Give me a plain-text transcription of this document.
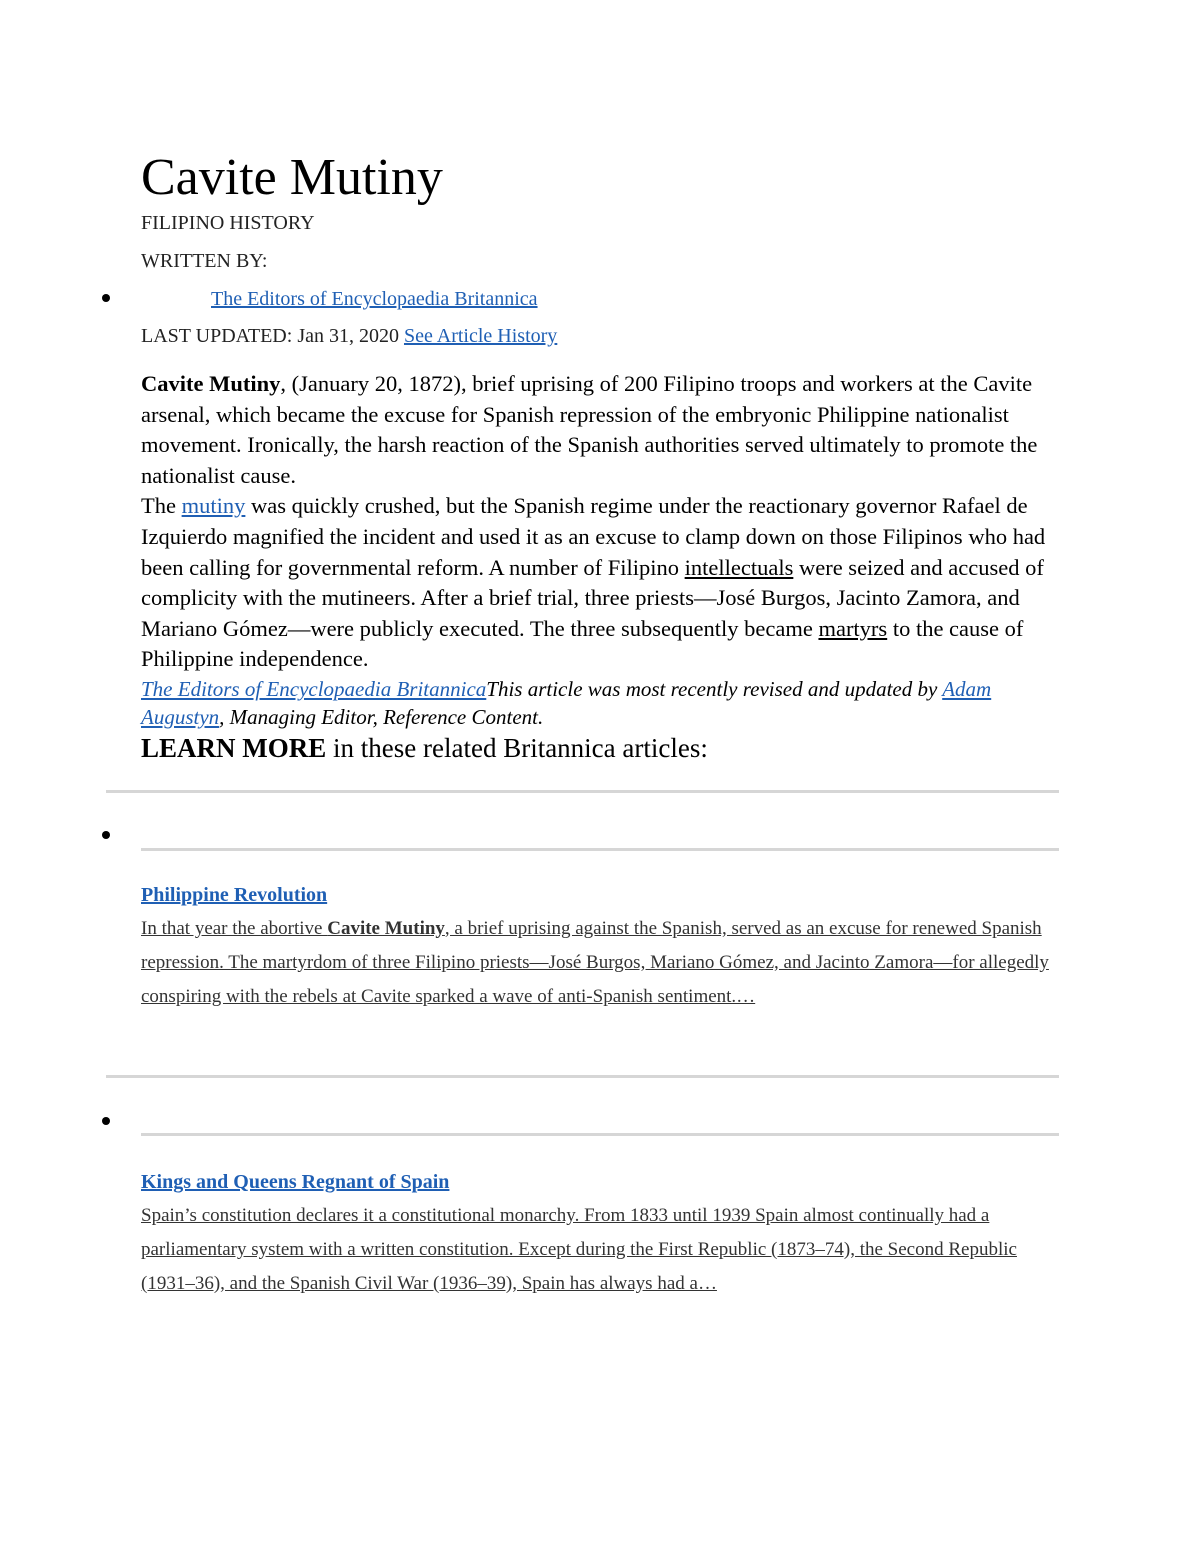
Cavite Mutiny
FILIPINO HISTORY
WRITTEN BY:
The Editors of Encyclopaedia Britannica
LAST UPDATED: Jan 31, 2020 See Article History

Cavite Mutiny, (January 20, 1872), brief uprising of 200 Filipino troops and workers at the Cavite arsenal, which became the excuse for Spanish repression of the embryonic Philippine nationalist movement. Ironically, the harsh reaction of the Spanish authorities served ultimately to promote the nationalist cause.

The mutiny was quickly crushed, but the Spanish regime under the reactionary governor Rafael de Izquierdo magnified the incident and used it as an excuse to clamp down on those Filipinos who had been calling for governmental reform. A number of Filipino intellectuals were seized and accused of complicity with the mutineers. After a brief trial, three priests—José Burgos, Jacinto Zamora, and Mariano Gómez—were publicly executed. The three subsequently became martyrs to the cause of Philippine independence.

The Editors of Encyclopaedia BritannicaThis article was most recently revised and updated by Adam Augustyn, Managing Editor, Reference Content.

LEARN MORE in these related Britannica articles:

Philippine Revolution
In that year the abortive Cavite Mutiny, a brief uprising against the Spanish, served as an excuse for renewed Spanish repression. The martyrdom of three Filipino priests—José Burgos, Mariano Gómez, and Jacinto Zamora—for allegedly conspiring with the rebels at Cavite sparked a wave of anti-Spanish sentiment.…
Kings and Queens Regnant of Spain
Spain’s constitution declares it a constitutional monarchy. From 1833 until 1939 Spain almost continually had a parliamentary system with a written constitution. Except during the First Republic (1873–74), the Second Republic (1931–36), and the Spanish Civil War (1936–39), Spain has always had a…
